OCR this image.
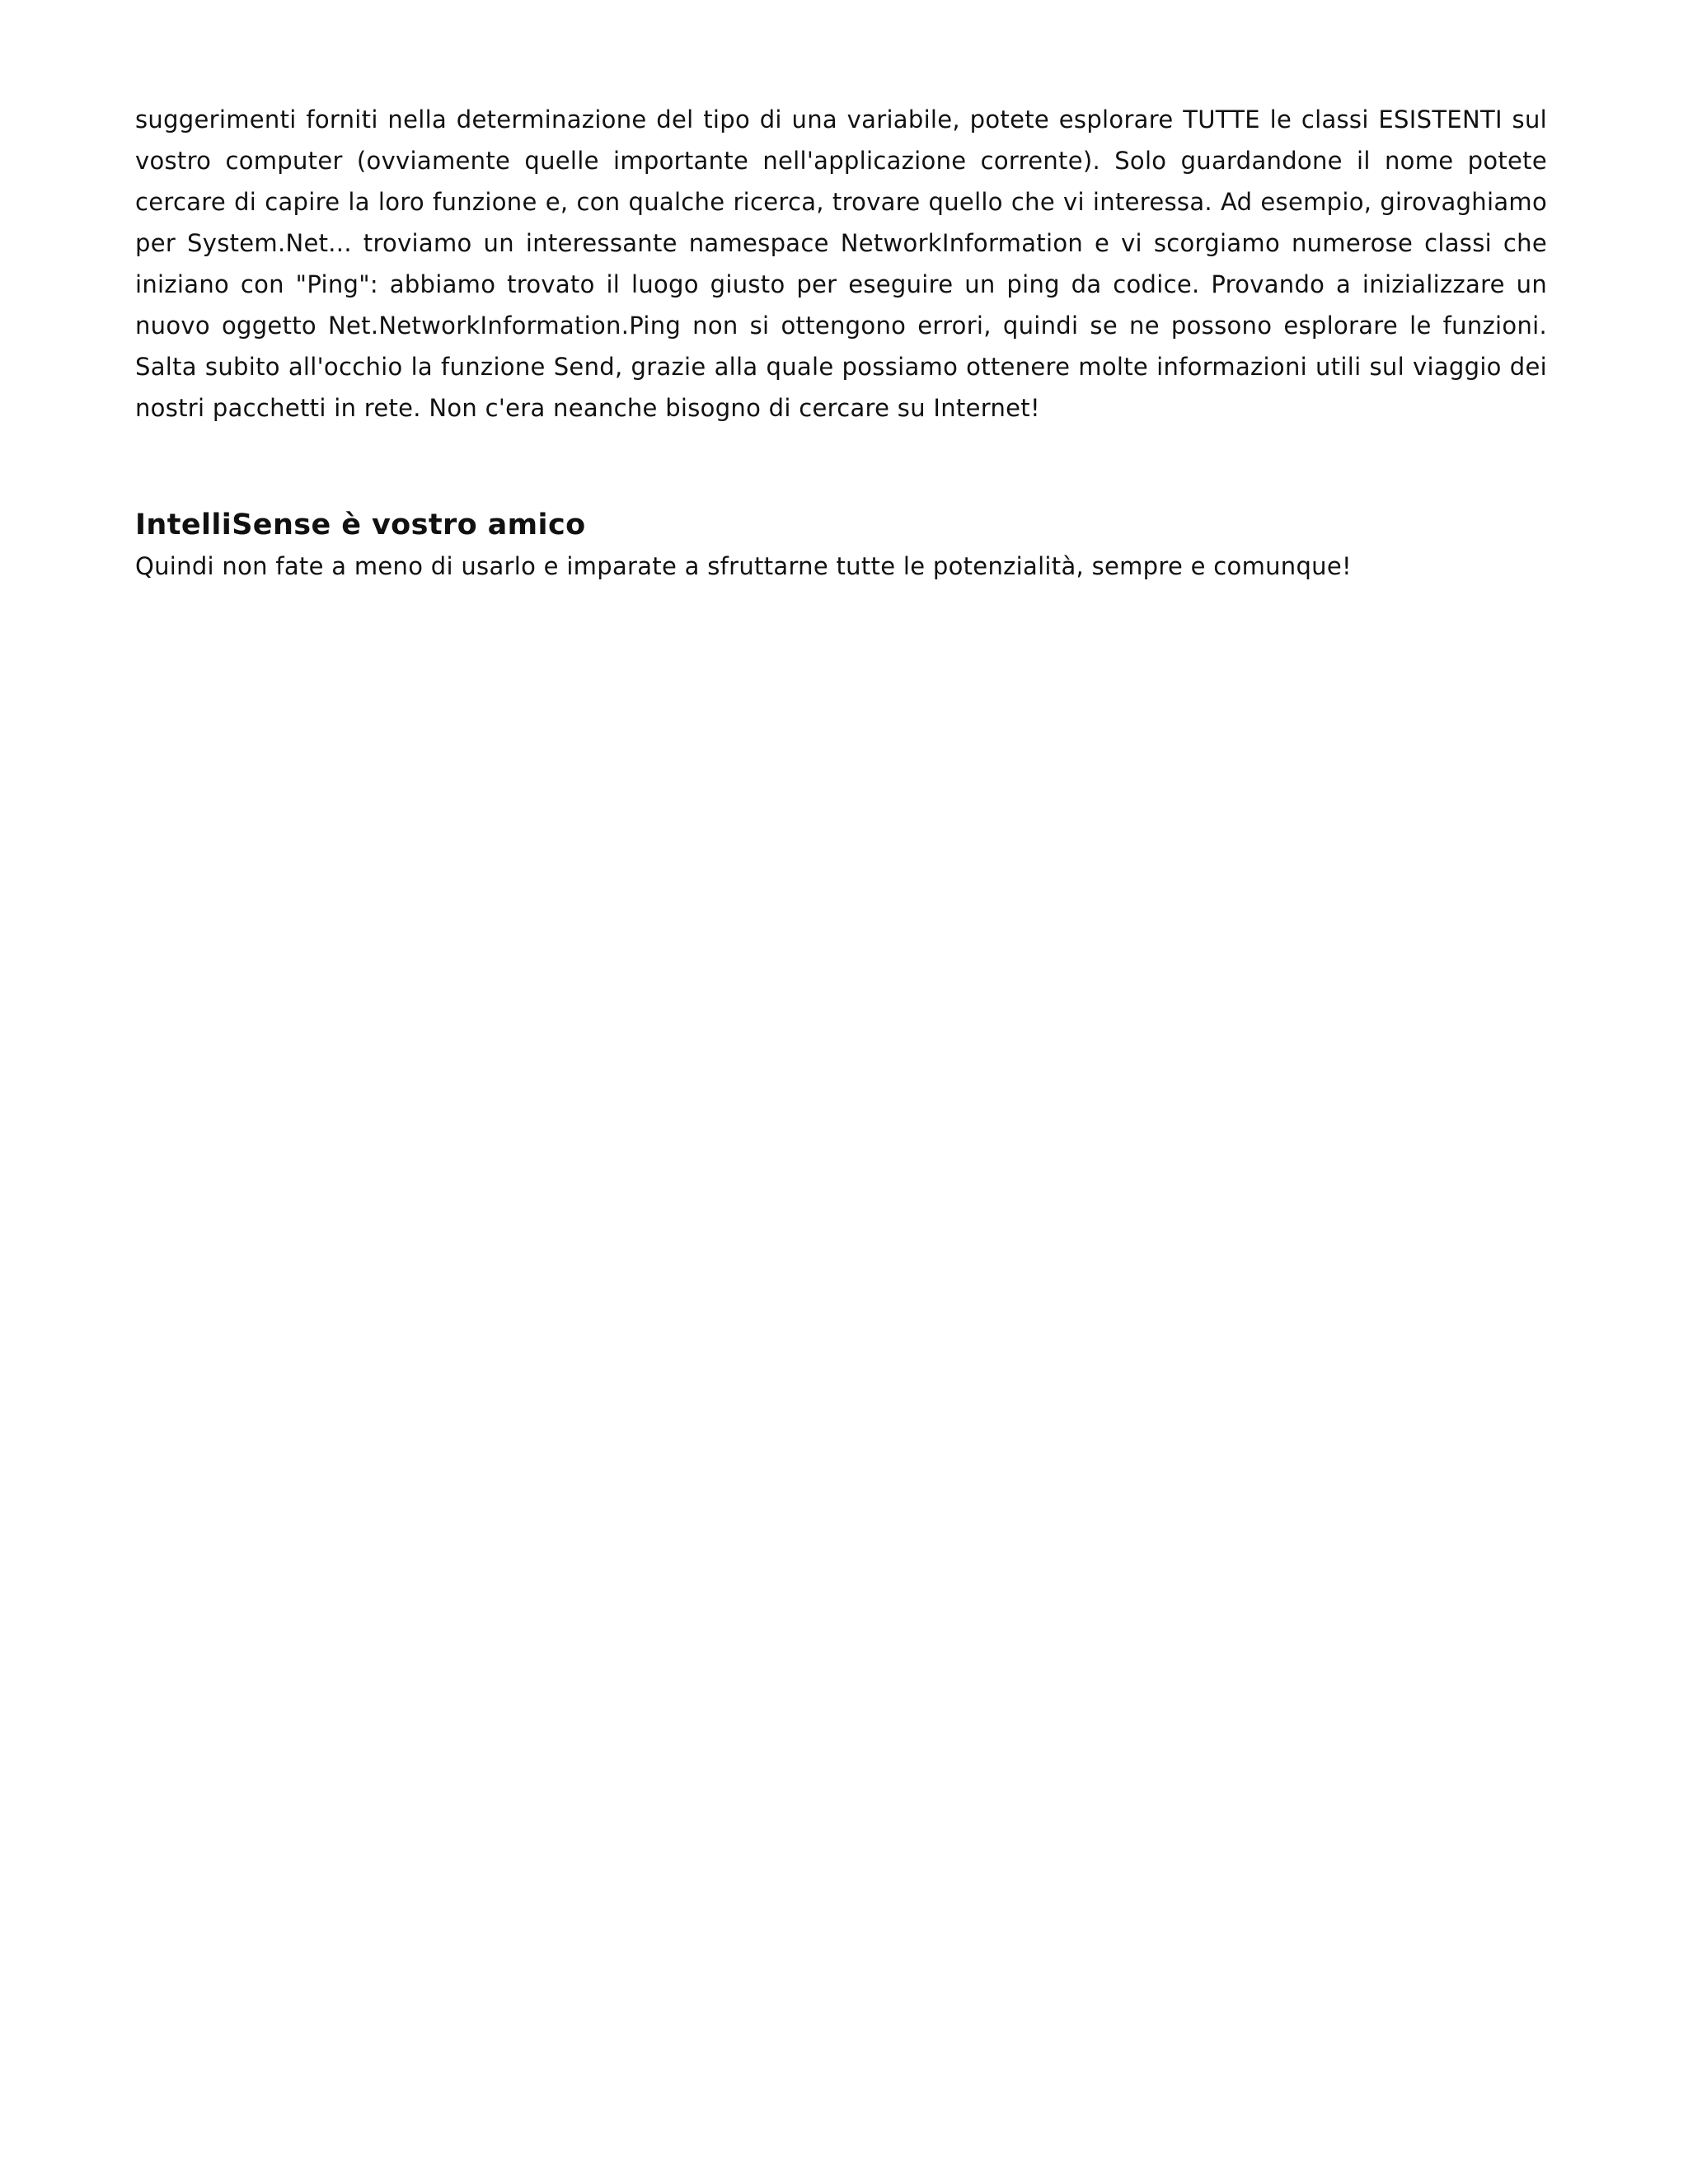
suggerimenti forniti nella determinazione del tipo di una variabile, potete esplorare TUTTE le classi ESISTENTI sul vostro computer (ovviamente quelle importante nell'applicazione corrente). Solo guardandone il nome potete cercare di capire la loro funzione e, con qualche ricerca, trovare quello che vi interessa. Ad esempio, girovaghiamo per System.Net... troviamo un interessante namespace NetworkInformation e vi scorgiamo numerose classi che iniziano con "Ping": abbiamo trovato il luogo giusto per eseguire un ping da codice. Provando a inizializzare un nuovo oggetto Net.NetworkInformation.Ping non si ottengono errori, quindi se ne possono esplorare le funzioni. Salta subito all'occhio la funzione Send, grazie alla quale possiamo ottenere molte informazioni utili sul viaggio dei nostri pacchetti in rete. Non c'era neanche bisogno di cercare su Internet!

IntelliSense è vostro amico

Quindi non fate a meno di usarlo e imparate a sfruttarne tutte le potenzialità, sempre e comunque!
